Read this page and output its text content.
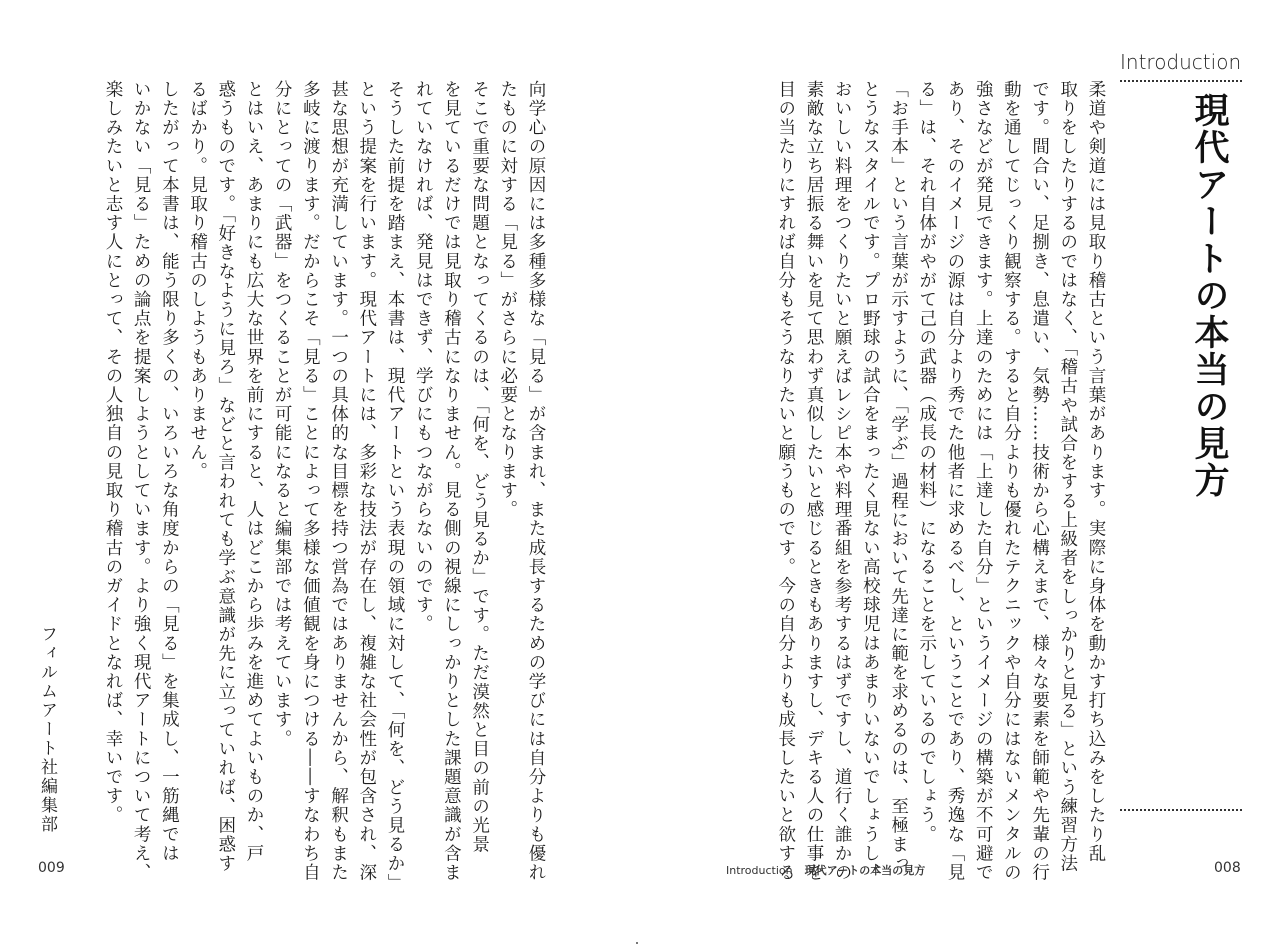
Introduction
現代アートの本当の見方
柔道や剣道には見取り稽古という言葉があります。実際に身体を動かす打ち込みをしたり乱
取りをしたりするのではなく、「稽古や試合をする上級者をしっかりと見る」という練習方法
です。間合い、足捌き、息遣い、気勢……技術から心構えまで、様々な要素を師範や先輩の行
動を通してじっくり観察する。すると自分よりも優れたテクニックや自分にはないメンタルの
強さなどが発見できます。上達のためには「上達した自分」というイメージの構築が不可避で
あり、そのイメージの源は自分より秀でた他者に求めるべし、ということであり、秀逸な「見
る」は、それ自体がやがて己の武器（成長の材料）になることを示しているのでしょう。
「お手本」という言葉が示すように、「学ぶ」過程において先達に範を求めるのは、至極まっ
とうなスタイルです。プロ野球の試合をまったく見ない高校球児はあまりいないでしょうし、
おいしい料理をつくりたいと願えばレシピ本や料理番組を参考するはずですし、道行く誰かの
素敵な立ち居振る舞いを見て思わず真似したいと感じるときもありますし、デキる人の仕事を
目の当たりにすれば自分もそうなりたいと願うものです。今の自分よりも成長したいと欲する
向学心の原因には多種多様な「見る」が含まれ、また成長するための学びには自分よりも優れ
たものに対する「見る」がさらに必要となります。
そこで重要な問題となってくるのは、「何を、どう見るか」です。ただ漠然と目の前の光景
を見ているだけでは見取り稽古になりません。見る側の視線にしっかりとした課題意識が含ま
れていなければ、発見はできず、学びにもつながらないのです。
そうした前提を踏まえ、本書は、現代アートという表現の領域に対して、「何を、どう見るか」
という提案を行います。現代アートには、多彩な技法が存在し、複雑な社会性が包含され、深
甚な思想が充満しています。一つの具体的な目標を持つ営為ではありませんから、解釈もまた
多岐に渡ります。だからこそ「見る」ことによって多様な価値観を身につける――すなわち自
分にとっての「武器」をつくることが可能になると編集部では考えています。
とはいえ、あまりにも広大な世界を前にすると、人はどこから歩みを進めてよいものか、戸
惑うものです。「好きなように見ろ」などと言われても学ぶ意識が先に立っていれば、困惑す
るばかり。見取り稽古のしようもありません。
したがって本書は、能う限り多くの、いろいろな角度からの「見る」を集成し、一筋縄では
いかない「見る」ための論点を提案しようとしています。より強く現代アートについて考え、
楽しみたいと志す人にとって、その人独自の見取り稽古のガイドとなれば、幸いです。
フィルムアート社編集部
009	Introduction 現代アートの本当の見方	008
